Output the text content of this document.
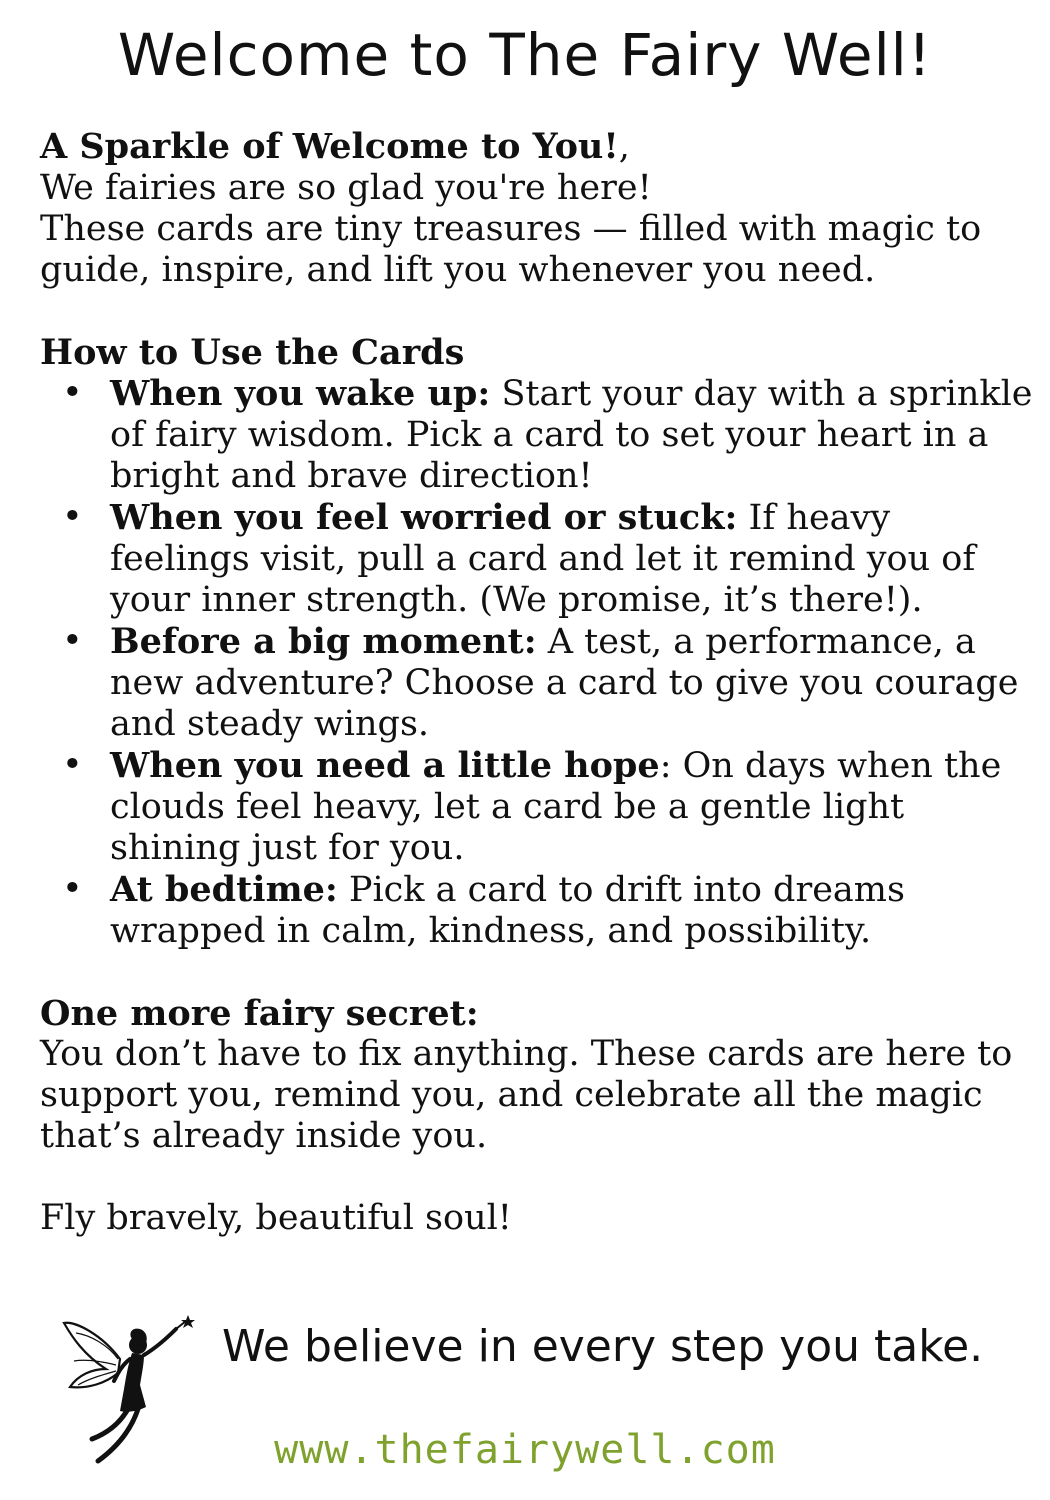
Welcome to The Fairy Well!

A Sparkle of Welcome to You!,

We fairies are so glad you're here!

These cards are tiny treasures — filled with magic to guide, inspire, and lift you whenever you need.

How to Use the Cards

• When you wake up: Start your day with a sprinkle of fairy wisdom. Pick a card to set your heart in a bright and brave direction!
• When you feel worried or stuck: If heavy feelings visit, pull a card and let it remind you of your inner strength. (We promise, it’s there!).
• Before a big moment: A test, a performance, a new adventure? Choose a card to give you courage and steady wings.
• When you need a little hope: On days when the clouds feel heavy, let a card be a gentle light shining just for you.
• At bedtime: Pick a card to drift into dreams wrapped in calm, kindness, and possibility.

One more fairy secret:

You don’t have to fix anything. These cards are here to support you, remind you, and celebrate all the magic that’s already inside you.

Fly bravely, beautiful soul!

We believe in every step you take.
www.thefairywell.com
